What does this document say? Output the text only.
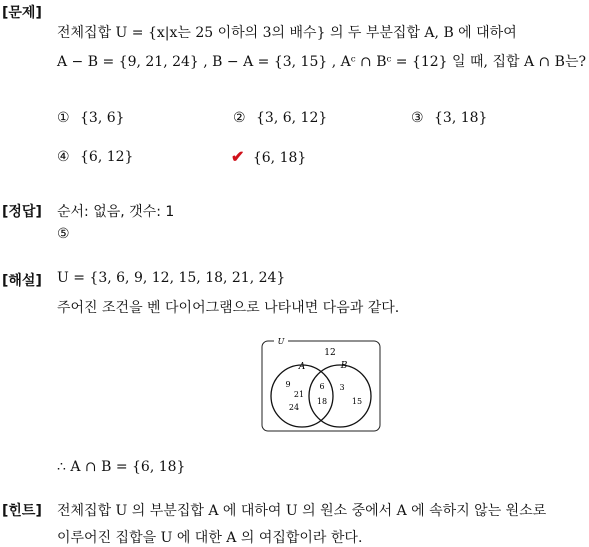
[문제]
전체집합 U = {x|x는 25 이하의 3의 배수} 의 두 부분집합 A, B 에 대하여
A − B = {9, 21, 24} , B − A = {3, 15} , Aᶜ ∩ Bᶜ = {12} 일 때, 집합 A ∩ B는?
① {3, 6}	② {3, 6, 12}	③ {3, 18}
④ {6, 12}	✔ {6, 18}
[정답] 순서: 없음, 갯수: 1
⑤
[해설] U = {3, 6, 9, 12, 15, 18, 21, 24}
주어진 조건을 벤 다이어그램으로 나타내면 다음과 같다.
U
A	B
12
9
21
24
6
18
3
15
∴ A ∩ B = {6, 18}
[힌트] 전체집합 U 의 부분집합 A 에 대하여 U 의 원소 중에서 A 에 속하지 않는 원소로
이루어진 집합을 U 에 대한 A 의 여집합이라 한다.
